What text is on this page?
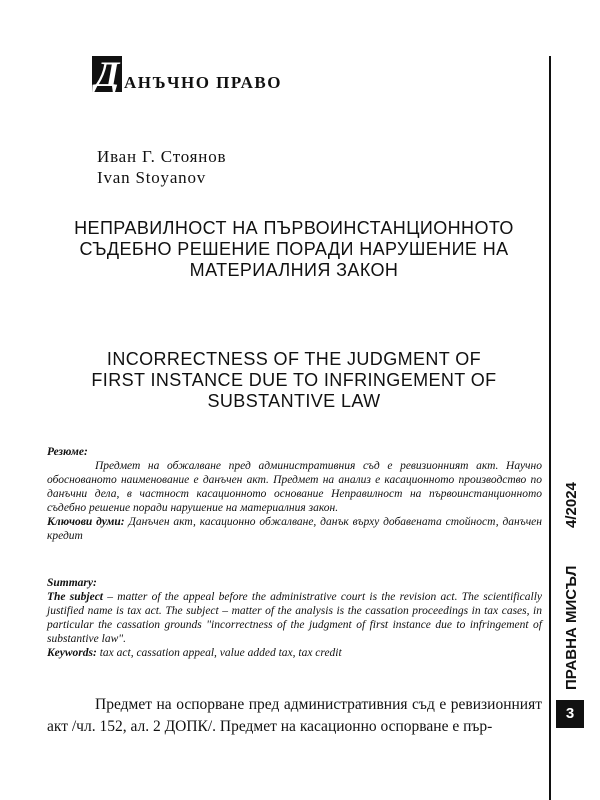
Д АНЪЧНО ПРАВО
Иван Г. Стоянов
Ivan Stoyanov
НЕПРАВИЛНОСТ НА ПЪРВОИНСТАНЦИОННОТО
СЪДЕБНО РЕШЕНИЕ ПОРАДИ НАРУШЕНИЕ НА
МАТЕРИАЛНИЯ ЗАКОН
INCORRECTNESS OF THE JUDGMENT OF
FIRST INSTANCE DUE TO INFRINGEMENT OF
SUBSTANTIVE LAW
Резюме:

Предмет на обжалване пред административния съд е ревизионният акт. Научно обоснованото наименование е данъчен акт. Предмет на анализ е касационното производство по данъчни дела, в частност касационното основание Неправилност на първоинстанционното съдебно решение поради нарушение на материалния закон.

Ключови думи: Данъчен акт, касационно обжалване, данък върху добавената стойност, данъчен кредит

Summary:

The subject – matter of the appeal before the administrative court is the revision act. The scientifically justified name is tax act. The subject – matter of the analysis is the cassation proceedings in tax cases, in particular the cassation grounds "incorrectness of the judgment of first instance due to infringement of substantive law".

Keywords: tax act, cassation appeal, value added tax, tax credit

Предмет на оспорване пред административния съд е ревизионният акт /чл. 152, ал. 2 ДОПК/. Предмет на касационно оспорване е пър-
4/2024
ПРАВНА МИСЪЛ
3
